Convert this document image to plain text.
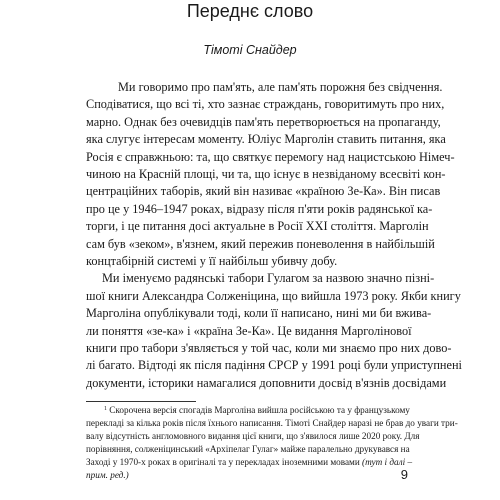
Переднє слово
Тімоті Снайдер
Ми говоримо про пам'ять, але пам'ять порожня без свідчення.
Сподіватися, що всі ті, хто зазнає страждань, говоритимуть про них,
марно. Однак без очевидців пам'ять перетворюється на пропаганду,
яка слугує інтересам моменту. Юліус Марголін ставить питання, яка
Росія є справжньою: та, що святкує перемогу над нацистською Німеч-
чиною на Красній площі, чи та, що існує в незвіданому всесвіті кон-
центраційних таборів, який він називає «країною Зе-Ка». Він писав
про це у 1946–1947 роках, відразу після п'яти років радянської ка-
торги, і це питання досі актуальне в Росії XXI століття. Марголін
сам був «зеком», в'язнем, який пережив поневолення в найбільшій
концтабірній системі у її найбільш убивчу добу.
Ми іменуємо радянські табори Гулагом за назвою значно пізні-
шої книги Александра Солженіцина, що вийшла 1973 року. Якби книгу
Марголіна опублікували тоді, коли її написано, нині ми би вжива-
ли поняття «зе-ка» і «країна Зе-Ка». Це видання Марголінової
книги про табори з'являється у той час, коли ми знаємо про них дово-
лі багато. Відтоді як після падіння СРСР у 1991 році були уприступнені
документи, історики намагалися доповнити досвід в'язнів досвідами
$^1$ Скорочена версія спогадів Марголіна вийшла російською та у французькому
перекладі за кілька років після їхнього написання. Тімоті Снайдер наразі не брав до уваги три-
валу відсутність англомовного видання цієї книги, що з'явилося лише 2020 року. Для
порівняння, солженіцинський «Архіпелаг Гулаг» майже паралельно друкувався на
Заході у 1970-х роках в оригіналі та у перекладах іноземними мовами (тут і далі –
прим. ред.)	9
